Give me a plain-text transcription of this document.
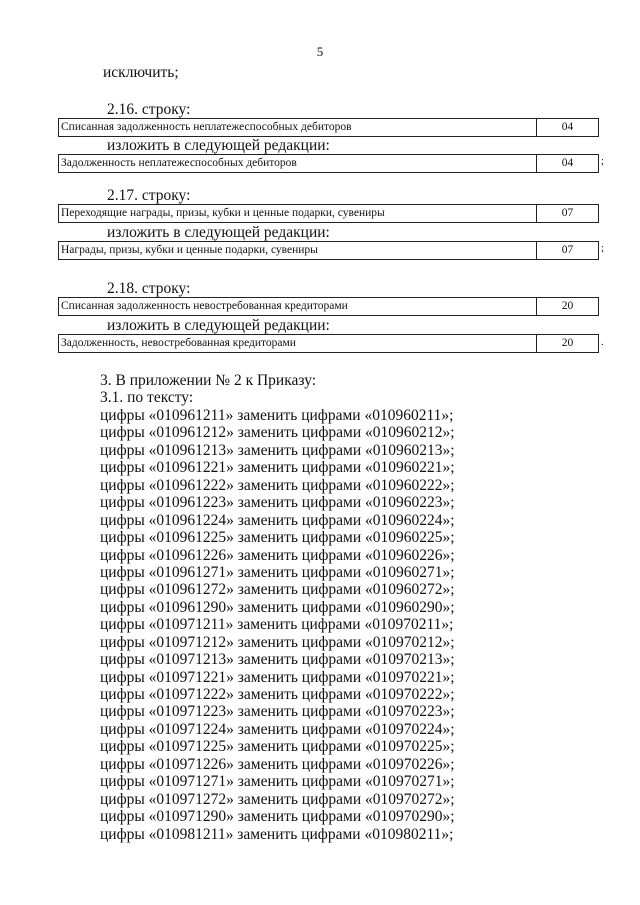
5
исключить;
2.16. строку:
Списанная задолженность неплатежеспособных дебиторов	04
изложить в следующей редакции:
Задолженность неплатежеспособных дебиторов	04	;
2.17. строку:
Переходящие награды, призы, кубки и ценные подарки, сувениры	07
изложить в следующей редакции:
Награды, призы, кубки и ценные подарки, сувениры	07	;
2.18. строку:
Списанная задолженность невостребованная кредиторами	20
изложить в следующей редакции:
Задолженность, невостребованная кредиторами	20	.
3. В приложении № 2 к Приказу:
3.1. по тексту:
цифры «010961211» заменить цифрами «010960211»;
цифры «010961212» заменить цифрами «010960212»;
цифры «010961213» заменить цифрами «010960213»;
цифры «010961221» заменить цифрами «010960221»;
цифры «010961222» заменить цифрами «010960222»;
цифры «010961223» заменить цифрами «010960223»;
цифры «010961224» заменить цифрами «010960224»;
цифры «010961225» заменить цифрами «010960225»;
цифры «010961226» заменить цифрами «010960226»;
цифры «010961271» заменить цифрами «010960271»;
цифры «010961272» заменить цифрами «010960272»;
цифры «010961290» заменить цифрами «010960290»;
цифры «010971211» заменить цифрами «010970211»;
цифры «010971212» заменить цифрами «010970212»;
цифры «010971213» заменить цифрами «010970213»;
цифры «010971221» заменить цифрами «010970221»;
цифры «010971222» заменить цифрами «010970222»;
цифры «010971223» заменить цифрами «010970223»;
цифры «010971224» заменить цифрами «010970224»;
цифры «010971225» заменить цифрами «010970225»;
цифры «010971226» заменить цифрами «010970226»;
цифры «010971271» заменить цифрами «010970271»;
цифры «010971272» заменить цифрами «010970272»;
цифры «010971290» заменить цифрами «010970290»;
цифры «010981211» заменить цифрами «010980211»;
